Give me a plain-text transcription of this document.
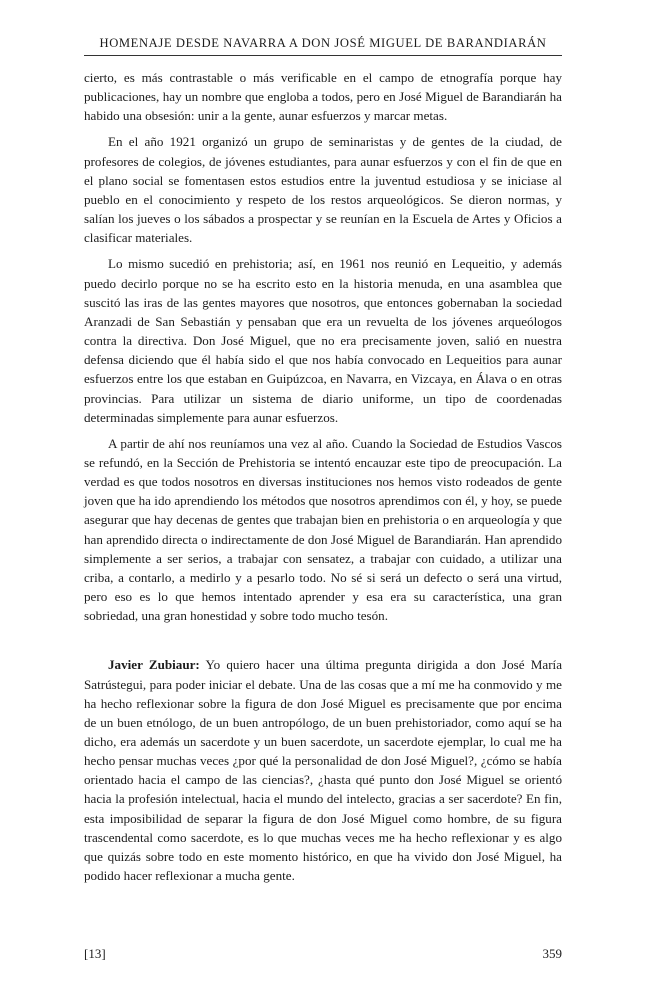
HOMENAJE DESDE NAVARRA A DON JOSÉ MIGUEL DE BARANDIARÁN

cierto, es más contrastable o más verificable en el campo de etnografía porque hay publicaciones, hay un nombre que engloba a todos, pero en José Miguel de Barandiarán ha habido una obsesión: unir a la gente, aunar esfuerzos y marcar metas.

En el año 1921 organizó un grupo de seminaristas y de gentes de la ciudad, de profesores de colegios, de jóvenes estudiantes, para aunar esfuerzos y con el fin de que en el plano social se fomentasen estos estudios entre la juventud estudiosa y se iniciase al pueblo en el conocimiento y respeto de los restos arqueológicos. Se dieron normas, y salían los jueves o los sábados a prospectar y se reunían en la Escuela de Artes y Oficios a clasificar materiales.

Lo mismo sucedió en prehistoria; así, en 1961 nos reunió en Lequeitio, y además puedo decirlo porque no se ha escrito esto en la historia menuda, en una asamblea que suscitó las iras de las gentes mayores que nosotros, que entonces gobernaban la sociedad Aranzadi de San Sebastián y pensaban que era un revuelta de los jóvenes arqueólogos contra la directiva. Don José Miguel, que no era precisamente joven, salió en nuestra defensa diciendo que él había sido el que nos había convocado en Lequeitios para aunar esfuerzos entre los que estaban en Guipúzcoa, en Navarra, en Vizcaya, en Álava o en otras provincias. Para utilizar un sistema de diario uniforme, un tipo de coordenadas determinadas simplemente para aunar esfuerzos.

A partir de ahí nos reuníamos una vez al año. Cuando la Sociedad de Estudios Vascos se refundó, en la Sección de Prehistoria se intentó encauzar este tipo de preocupación. La verdad es que todos nosotros en diversas instituciones nos hemos visto rodeados de gente joven que ha ido aprendiendo los métodos que nosotros aprendimos con él, y hoy, se puede asegurar que hay decenas de gentes que trabajan bien en prehistoria o en arqueología y que han aprendido directa o indirectamente de don José Miguel de Barandiarán. Han aprendido simplemente a ser serios, a trabajar con sensatez, a trabajar con cuidado, a utilizar una criba, a contarlo, a medirlo y a pesarlo todo. No sé si será un defecto o será una virtud, pero eso es lo que hemos intentado aprender y esa era su característica, una gran sobriedad, una gran honestidad y sobre todo mucho tesón.

Javier Zubiaur: Yo quiero hacer una última pregunta dirigida a don José María Satrústegui, para poder iniciar el debate. Una de las cosas que a mí me ha conmovido y me ha hecho reflexionar sobre la figura de don José Miguel es precisamente que por encima de un buen etnólogo, de un buen antropólogo, de un buen prehistoriador, como aquí se ha dicho, era además un sacerdote y un buen sacerdote, un sacerdote ejemplar, lo cual me ha hecho pensar muchas veces ¿por qué la personalidad de don José Miguel?, ¿cómo se había orientado hacia el campo de las ciencias?, ¿hasta qué punto don José Miguel se orientó hacia la profesión intelectual, hacia el mundo del intelecto, gracias a ser sacerdote? En fin, esta imposibilidad de separar la figura de don José Miguel como hombre, de su figura trascendental como sacerdote, es lo que muchas veces me ha hecho reflexionar y es algo que quizás sobre todo en este momento histórico, en que ha vivido don José Miguel, ha podido hacer reflexionar a mucha gente.

[13]	359
